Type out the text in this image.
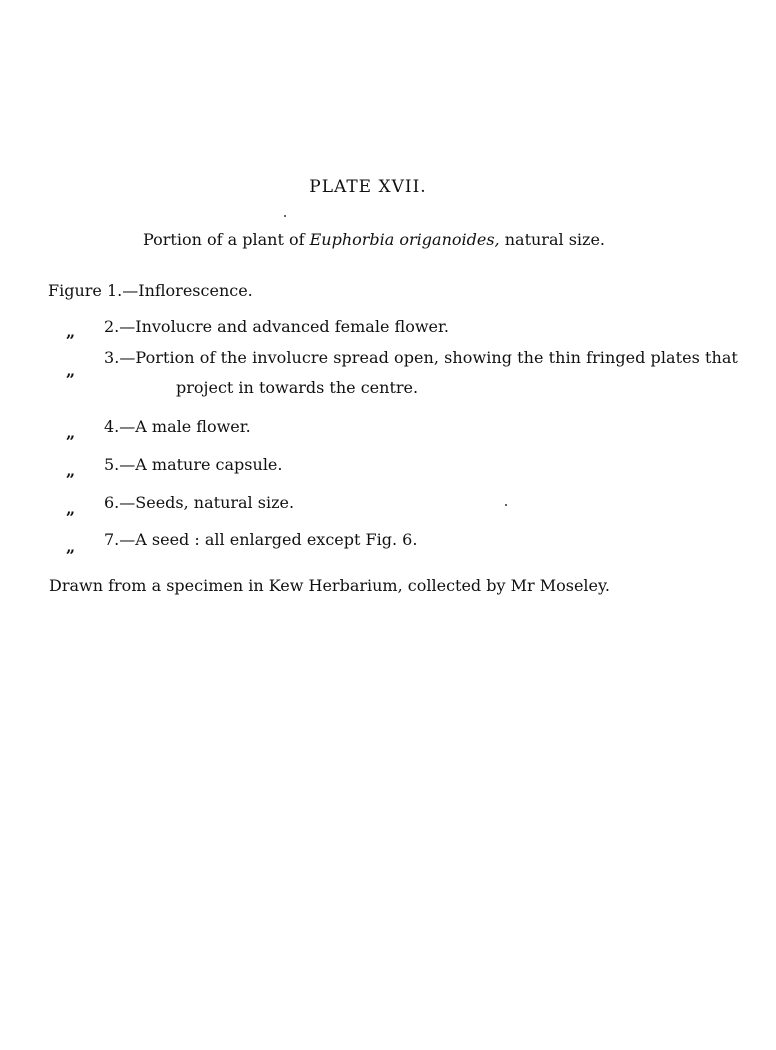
PLATE XVII.
Portion of a plant of Euphorbia origanoides, natural size.
Figure 1.—Inflorescence.
„ 2.—Involucre and advanced female flower.
„
3.—Portion of the involucre spread open, showing the thin fringed plates that
project in towards the centre.
„ 4.—A male flower.
„ 5.—A mature capsule.
„ 6.—Seeds, natural size.
„ 7.—A seed : all enlarged except Fig. 6.
Drawn from a specimen in Kew Herbarium, collected by Mr Moseley.
